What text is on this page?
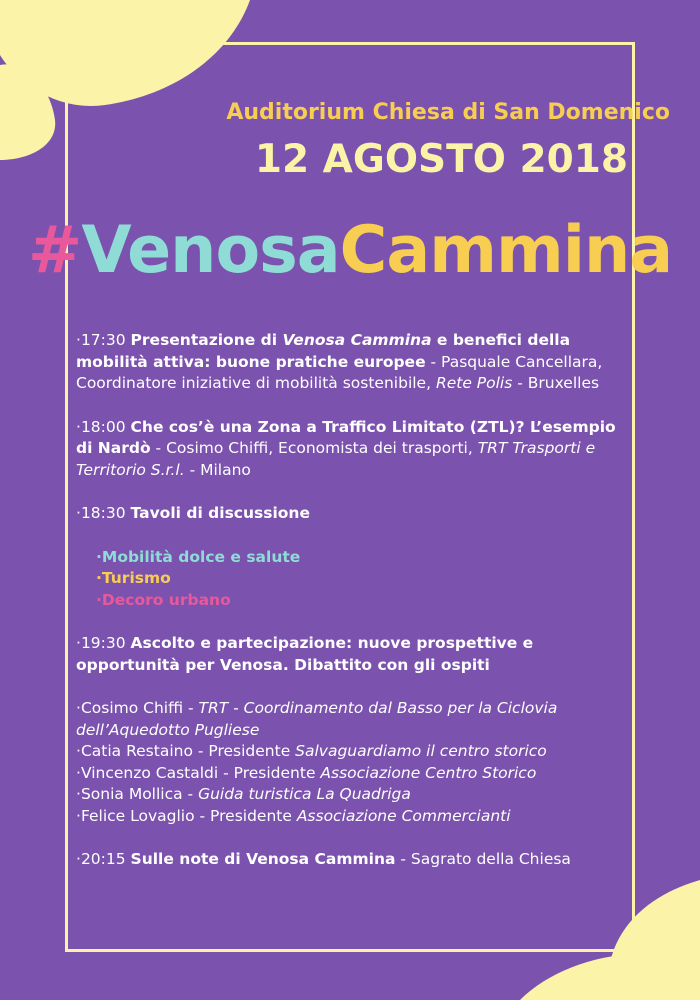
Auditorium Chiesa di San Domenico

12 AGOSTO 2018

#VenosaCammina

·17:30 Presentazione di Venosa Cammina e benefici della mobilità attiva: buone pratiche europee - Pasquale Cancellara, Coordinatore iniziative di mobilità sostenibile, Rete Polis - Bruxelles

·18:00 Che cos’è una Zona a Traffico Limitato (ZTL)? L’esempio di Nardò - Cosimo Chiffi, Economista dei trasporti, TRT Trasporti e Territorio S.r.l. - Milano

·18:30 Tavoli di discussione

·Mobilità dolce e salute

·Turismo

·Decoro urbano

·19:30 Ascolto e partecipazione: nuove prospettive e opportunità per Venosa. Dibattito con gli ospiti

·Cosimo Chiffi - TRT - Coordinamento dal Basso per la Ciclovia dell’Aquedotto Pugliese

·Catia Restaino - Presidente Salvaguardiamo il centro storico

·Vincenzo Castaldi - Presidente Associazione Centro Storico

·Sonia Mollica - Guida turistica La Quadriga

·Felice Lovaglio - Presidente Associazione Commercianti

·20:15 Sulle note di Venosa Cammina - Sagrato della Chiesa
